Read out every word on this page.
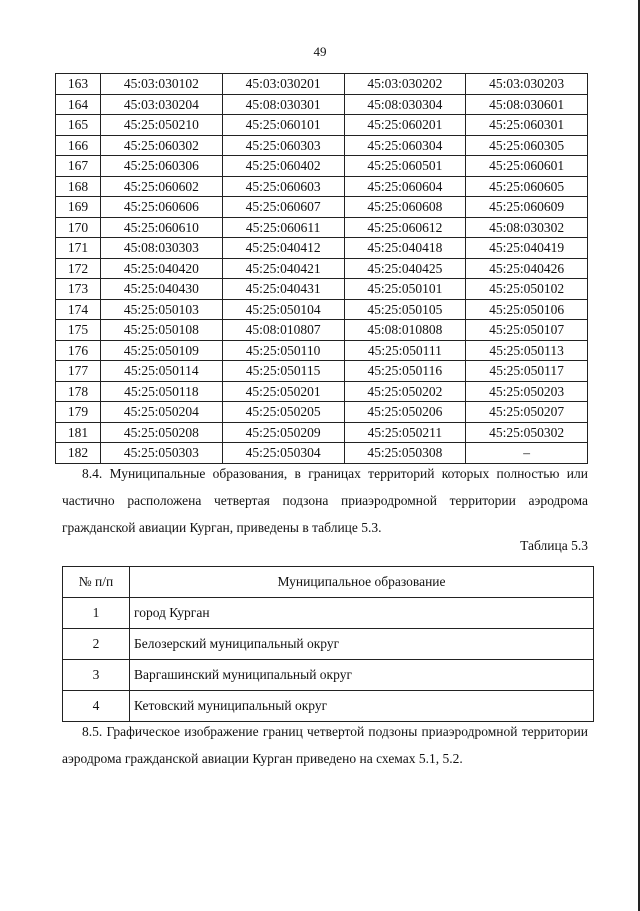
49
163	45:03:030102	45:03:030201	45:03:030202	45:03:030203
164	45:03:030204	45:08:030301	45:08:030304	45:08:030601
165	45:25:050210	45:25:060101	45:25:060201	45:25:060301
166	45:25:060302	45:25:060303	45:25:060304	45:25:060305
167	45:25:060306	45:25:060402	45:25:060501	45:25:060601
168	45:25:060602	45:25:060603	45:25:060604	45:25:060605
169	45:25:060606	45:25:060607	45:25:060608	45:25:060609
170	45:25:060610	45:25:060611	45:25:060612	45:08:030302
171	45:08:030303	45:25:040412	45:25:040418	45:25:040419
172	45:25:040420	45:25:040421	45:25:040425	45:25:040426
173	45:25:040430	45:25:040431	45:25:050101	45:25:050102
174	45:25:050103	45:25:050104	45:25:050105	45:25:050106
175	45:25:050108	45:08:010807	45:08:010808	45:25:050107
176	45:25:050109	45:25:050110	45:25:050111	45:25:050113
177	45:25:050114	45:25:050115	45:25:050116	45:25:050117
178	45:25:050118	45:25:050201	45:25:050202	45:25:050203
179	45:25:050204	45:25:050205	45:25:050206	45:25:050207
181	45:25:050208	45:25:050209	45:25:050211	45:25:050302
182	45:25:050303	45:25:050304	45:25:050308	–
8.4. Муниципальные образования, в границах территорий которых полностью или частично расположена четвертая подзона приаэродромной территории аэродрома гражданской авиации Курган, приведены в таблице 5.3.
Таблица 5.3
№ п/п	Муниципальное образование
1	город Курган
2	Белозерский муниципальный округ
3	Варгашинский муниципальный округ
4	Кетовский муниципальный округ
8.5. Графическое изображение границ четвертой подзоны приаэродромной территории аэродрома гражданской авиации Курган приведено на схемах 5.1, 5.2.
